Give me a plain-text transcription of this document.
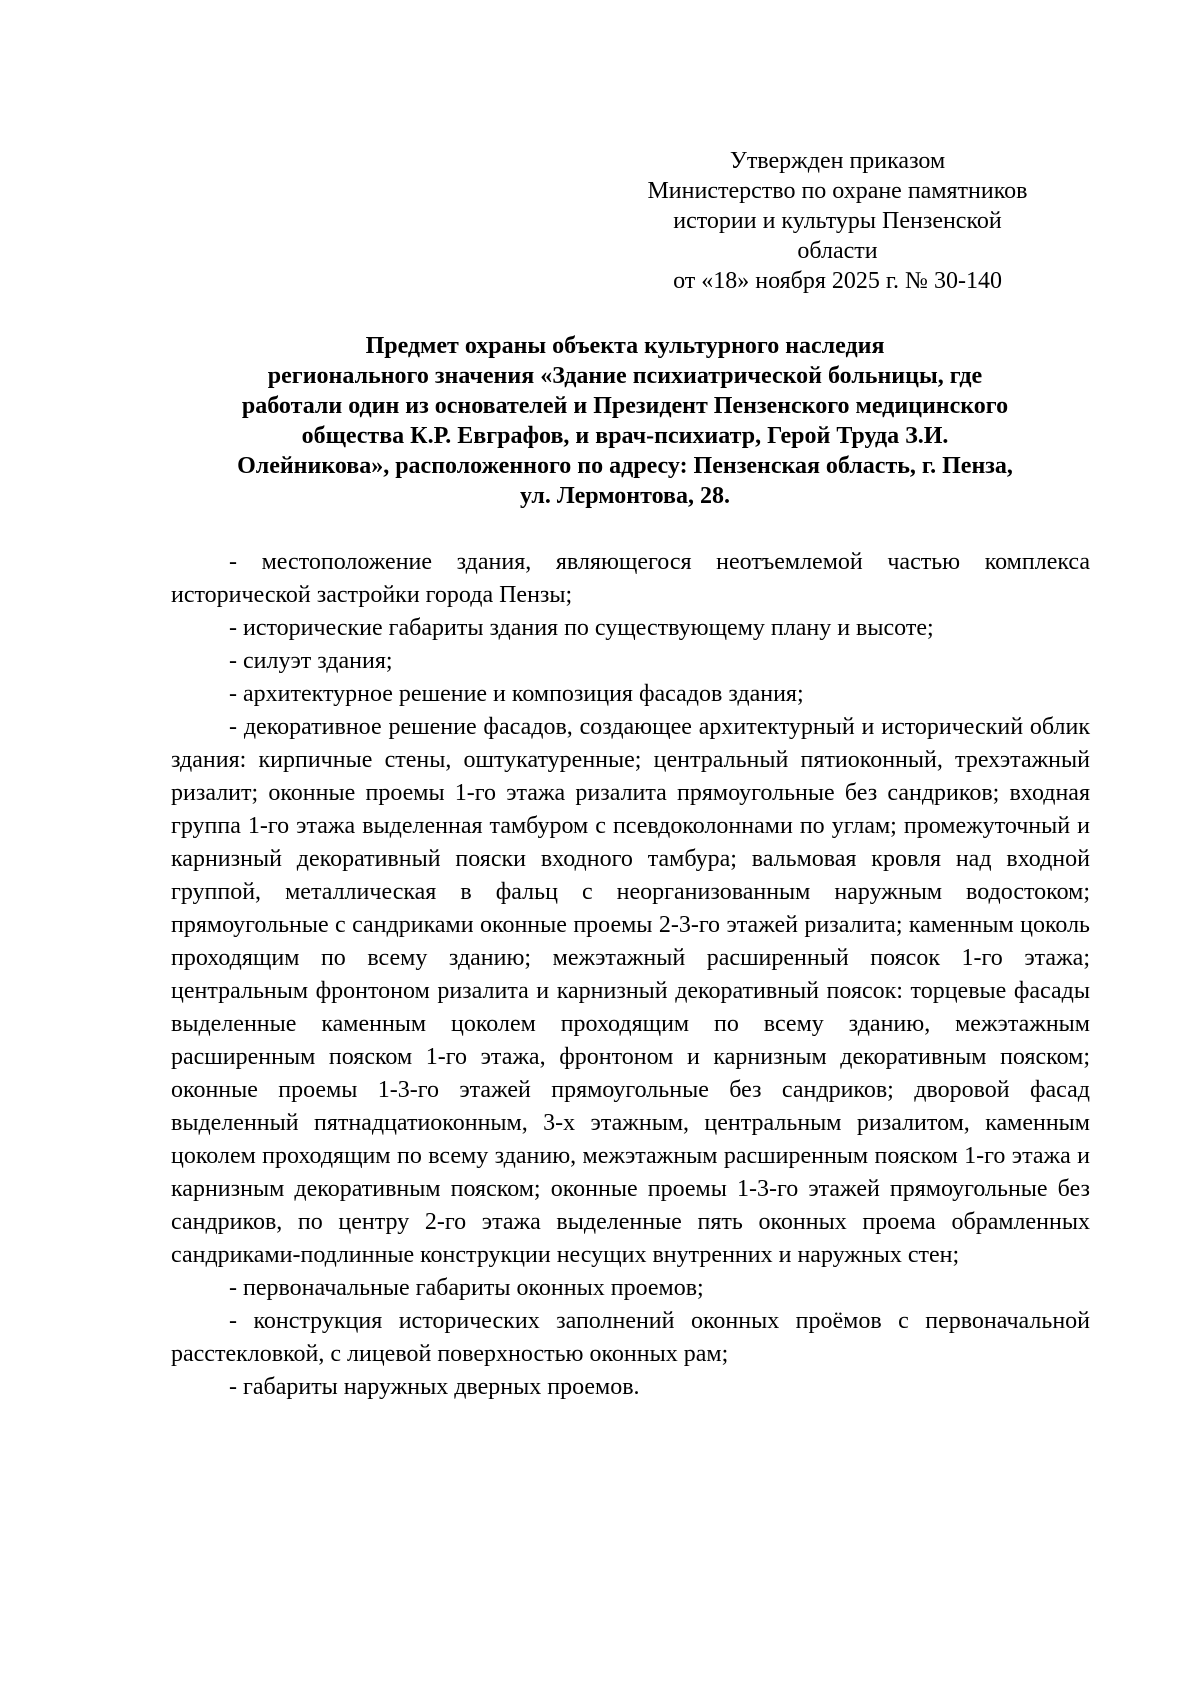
Утвержден приказом
Министерство по охране памятников
истории и культуры Пензенской
области
от «18» ноября 2025 г. № 30-140
Предмет охраны объекта культурного наследия
регионального значения «Здание психиатрической больницы, где
работали один из основателей и Президент Пензенского медицинского
общества К.Р. Евграфов, и врач-психиатр, Герой Труда З.И.
Олейникова», расположенного по адресу: Пензенская область, г. Пенза,
ул. Лермонтова, 28.

- местоположение здания, являющегося неотъемлемой частью комплекса исторической застройки города Пензы;

- исторические габариты здания по существующему плану и высоте;

- силуэт здания;

- архитектурное решение и композиция фасадов здания;

- декоративное решение фасадов, создающее архитектурный и исторический облик здания: кирпичные стены, оштукатуренные; центральный пятиоконный, трехэтажный ризалит; оконные проемы 1-го этажа ризалита прямоугольные без сандриков; входная группа 1-го этажа выделенная тамбуром с псевдоколоннами по углам; промежуточный и карнизный декоративный пояски входного тамбура; вальмовая кровля над входной группой, металлическая в фальц с неорганизованным наружным водостоком; прямоугольные с сандриками оконные проемы 2-3-го этажей ризалита; каменным цоколь проходящим по всему зданию; межэтажный расширенный поясок 1-го этажа; центральным фронтоном ризалита и карнизный декоративный поясок: торцевые фасады выделенные каменным цоколем проходящим по всему зданию, межэтажным расширенным пояском 1-го этажа, фронтоном и карнизным декоративным пояском; оконные проемы 1-3-го этажей прямоугольные без сандриков; дворовой фасад выделенный пятнадцатиоконным, 3-х этажным, центральным ризалитом, каменным цоколем проходящим по всему зданию, межэтажным расширенным пояском 1-го этажа и карнизным декоративным пояском; оконные проемы 1-3-го этажей прямоугольные без сандриков, по центру 2-го этажа выделенные пять оконных проема обрамленных сандриками-подлинные конструкции несущих внутренних и наружных стен;

- первоначальные габариты оконных проемов;

- конструкция исторических заполнений оконных проёмов с первоначальной расстекловкой, с лицевой поверхностью оконных рам;

- габариты наружных дверных проемов.
